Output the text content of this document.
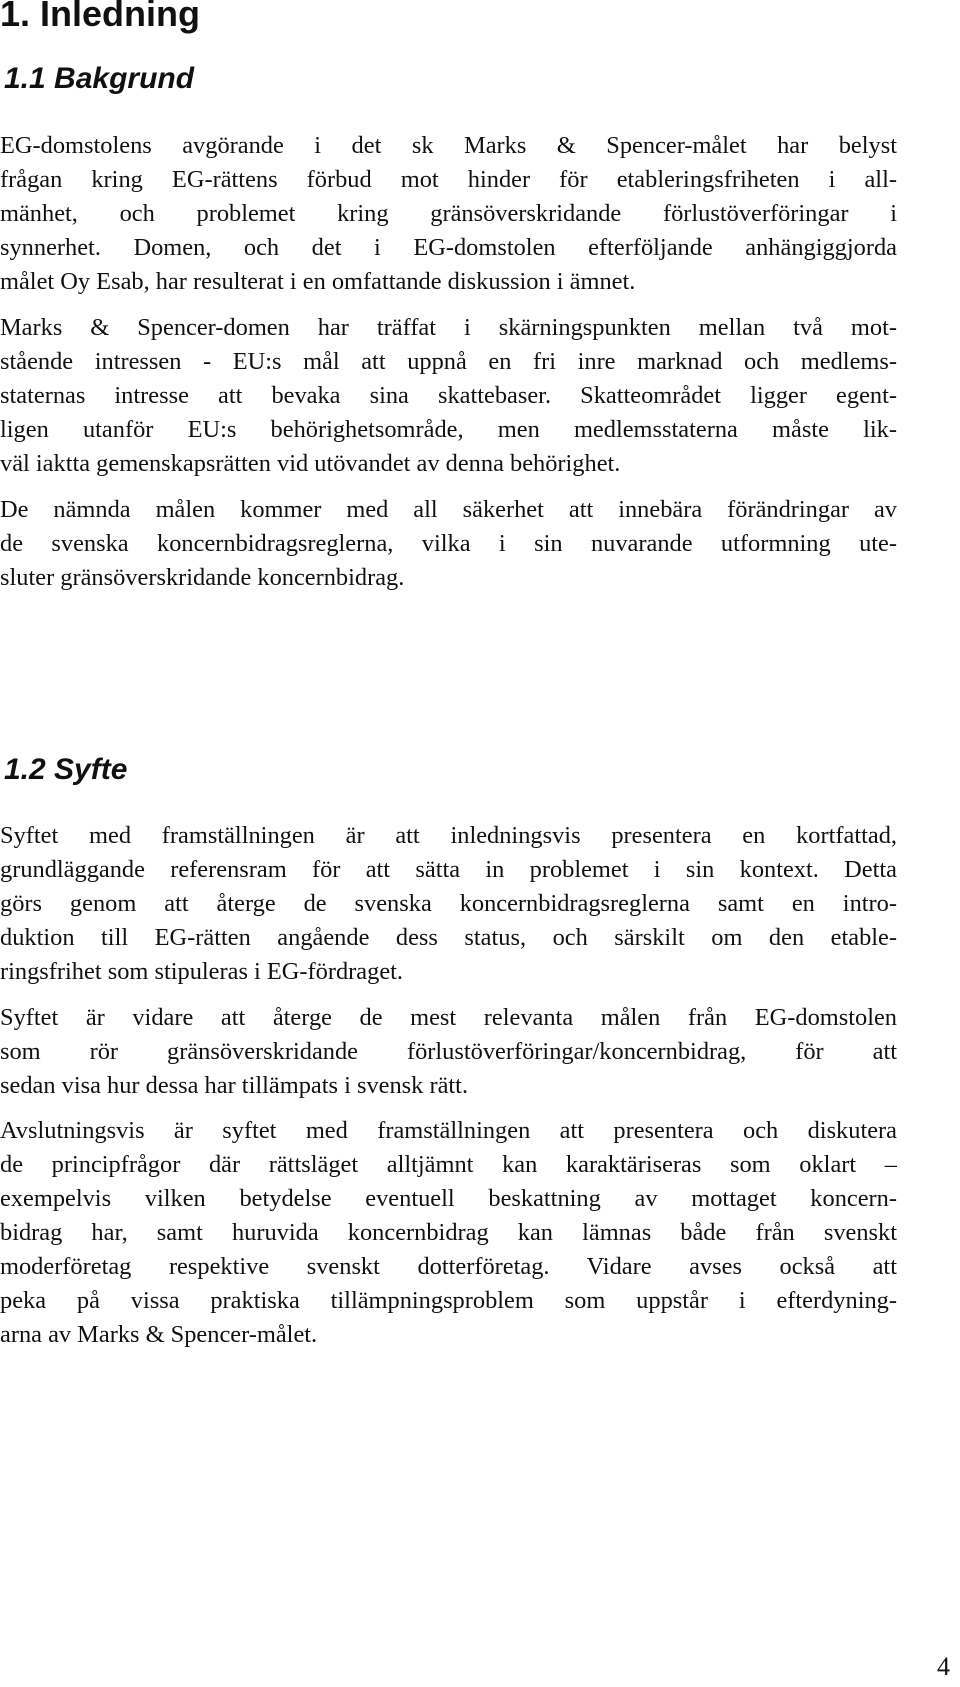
1. Inledning
1.1 Bakgrund
EG-domstolens avgörande i det sk Marks & Spencer-målet har belyst
frågan kring EG-rättens förbud mot hinder för etableringsfriheten i all-
mänhet, och problemet kring gränsöverskridande förlustöverföringar i
synnerhet. Domen, och det i EG-domstolen efterföljande anhängiggjorda
målet Oy Esab, har resulterat i en omfattande diskussion i ämnet.
Marks & Spencer-domen har träffat i skärningspunkten mellan två mot-
stående intressen - EU:s mål att uppnå en fri inre marknad och medlems-
staternas intresse att bevaka sina skattebaser. Skatteområdet ligger egent-
ligen utanför EU:s behörighetsområde, men medlemsstaterna måste lik-
väl iaktta gemenskapsrätten vid utövandet av denna behörighet.
De nämnda målen kommer med all säkerhet att innebära förändringar av
de svenska koncernbidragsreglerna, vilka i sin nuvarande utformning ute-
sluter gränsöverskridande koncernbidrag.
1.2 Syfte
Syftet med framställningen är att inledningsvis presentera en kortfattad,
grundläggande referensram för att sätta in problemet i sin kontext. Detta
görs genom att återge de svenska koncernbidragsreglerna samt en intro-
duktion till EG-rätten angående dess status, och särskilt om den etable-
ringsfrihet som stipuleras i EG-fördraget.
Syftet är vidare att återge de mest relevanta målen från EG-domstolen
som rör gränsöverskridande förlustöverföringar/koncernbidrag, för att
sedan visa hur dessa har tillämpats i svensk rätt.
Avslutningsvis är syftet med framställningen att presentera och diskutera
de principfrågor där rättsläget alltjämnt kan karaktäriseras som oklart –
exempelvis vilken betydelse eventuell beskattning av mottaget koncern-
bidrag har, samt huruvida koncernbidrag kan lämnas både från svenskt
moderföretag respektive svenskt dotterföretag. Vidare avses också att
peka på vissa praktiska tillämpningsproblem som uppstår i efterdyning-
arna av Marks & Spencer-målet.
4
